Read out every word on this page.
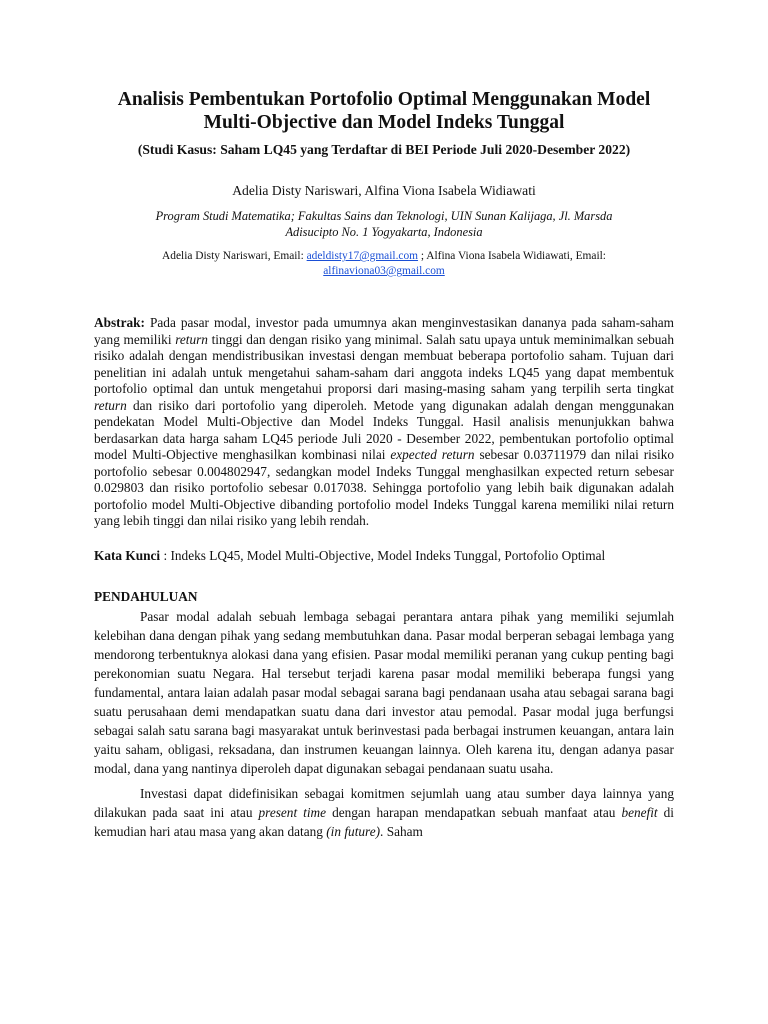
Analisis Pembentukan Portofolio Optimal Menggunakan Model
Multi-Objective dan Model Indeks Tunggal

(Studi Kasus: Saham LQ45 yang Terdaftar di BEI Periode Juli 2020-Desember 2022)

Adelia Disty Nariswari, Alfina Viona Isabela Widiawati

Program Studi Matematika; Fakultas Sains dan Teknologi, UIN Sunan Kalijaga, Jl. Marsda Adisucipto No. 1 Yogyakarta, Indonesia

Adelia Disty Nariswari, Email: adeldisty17@gmail.com ; Alfina Viona Isabela Widiawati, Email:
alfinaviona03@gmail.com

Abstrak: Pada pasar modal, investor pada umumnya akan menginvestasikan dananya pada saham-saham yang memiliki return tinggi dan dengan risiko yang minimal. Salah satu upaya untuk meminimalkan sebuah risiko adalah dengan mendistribusikan investasi dengan membuat beberapa portofolio saham. Tujuan dari penelitian ini adalah untuk mengetahui saham-saham dari anggota indeks LQ45 yang dapat membentuk portofolio optimal dan untuk mengetahui proporsi dari masing-masing saham yang terpilih serta tingkat return dan risiko dari portofolio yang diperoleh. Metode yang digunakan adalah dengan menggunakan pendekatan Model Multi-Objective dan Model Indeks Tunggal. Hasil analisis menunjukkan bahwa berdasarkan data harga saham LQ45 periode Juli 2020 - Desember 2022, pembentukan portofolio optimal model Multi-Objective menghasilkan kombinasi nilai expected return sebesar 0.03711979 dan nilai risiko portofolio sebesar 0.004802947, sedangkan model Indeks Tunggal menghasilkan expected return sebesar 0.029803 dan risiko portofolio sebesar 0.017038. Sehingga portofolio yang lebih baik digunakan adalah portofolio model Multi-Objective dibanding portofolio model Indeks Tunggal karena memiliki nilai return yang lebih tinggi dan nilai risiko yang lebih rendah.

Kata Kunci : Indeks LQ45, Model Multi-Objective, Model Indeks Tunggal, Portofolio Optimal

PENDAHULUAN

Pasar modal adalah sebuah lembaga sebagai perantara antara pihak yang memiliki sejumlah kelebihan dana dengan pihak yang sedang membutuhkan dana. Pasar modal berperan sebagai lembaga yang mendorong terbentuknya alokasi dana yang efisien. Pasar modal memiliki peranan yang cukup penting bagi perekonomian suatu Negara. Hal tersebut terjadi karena pasar modal memiliki beberapa fungsi yang fundamental, antara laian adalah pasar modal sebagai sarana bagi pendanaan usaha atau sebagai sarana bagi suatu perusahaan demi mendapatkan suatu dana dari investor atau pemodal. Pasar modal juga berfungsi sebagai salah satu sarana bagi masyarakat untuk berinvestasi pada berbagai instrumen keuangan, antara lain yaitu saham, obligasi, reksadana, dan instrumen keuangan lainnya. Oleh karena itu, dengan adanya pasar modal, dana yang nantinya diperoleh dapat digunakan sebagai pendanaan suatu usaha.

Investasi dapat didefinisikan sebagai komitmen sejumlah uang atau sumber daya lainnya yang dilakukan pada saat ini atau present time dengan harapan mendapatkan sebuah manfaat atau benefit di kemudian hari atau masa yang akan datang (in future). Saham
